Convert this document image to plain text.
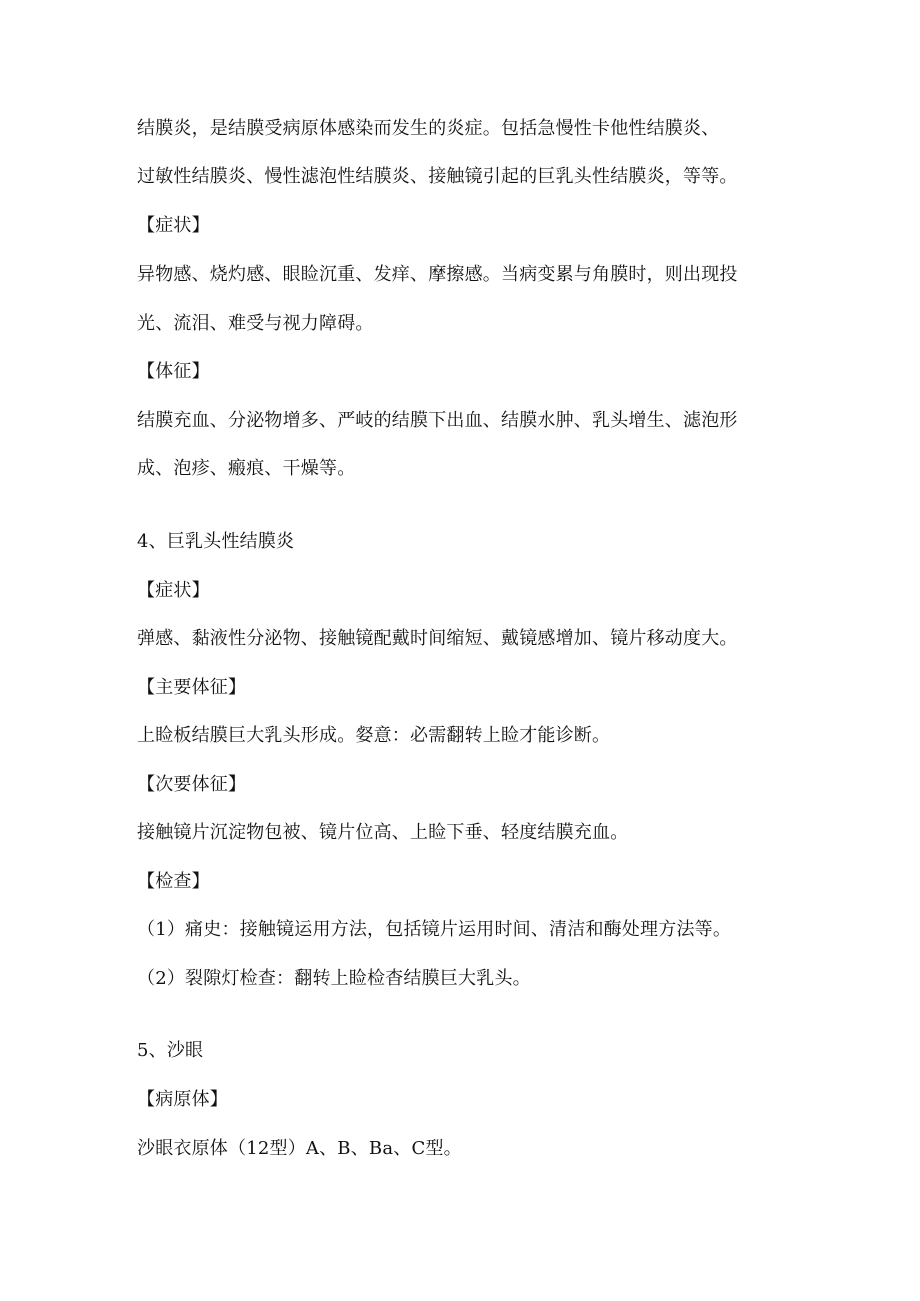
结膜炎，是结膜受病原体感染而发生的炎症。包括急慢性卡他性结膜炎、
过敏性结膜炎、慢性滤泡性结膜炎、接触镜引起的巨乳头性结膜炎，等等。
【症状】
异物感、烧灼感、眼睑沉重、发痒、摩擦感。当病变累与角膜时，则出现投
光、流泪、难受与视力障碍。
【体征】
结膜充血、分泌物增多、严岐的结膜下出血、结膜水肿、乳头增生、滤泡形
成、泡疹、瘢痕、干燥等。
4、巨乳头性结膜炎
【症状】
弹感、黏液性分泌物、接触镜配戴时间缩短、戴镜感增加、镜片移动度大。
【主要体征】
上睑板结膜巨大乳头形成。㛑意：必需翻转上睑才能诊断。
【次要体征】
接触镜片沉淀物包被、镜片位高、上睑下垂、轻度结膜充血。
【检查】
（1）痛史：接触镜运用方法，包括镜片运用时间、清洁和酶处理方法等。
（2）裂隙灯检查：翻转上睑检杳结膜巨大乳头。
5、沙眼
【病原体】
沙眼衣原体（12型）A、B、Ba、C型。
